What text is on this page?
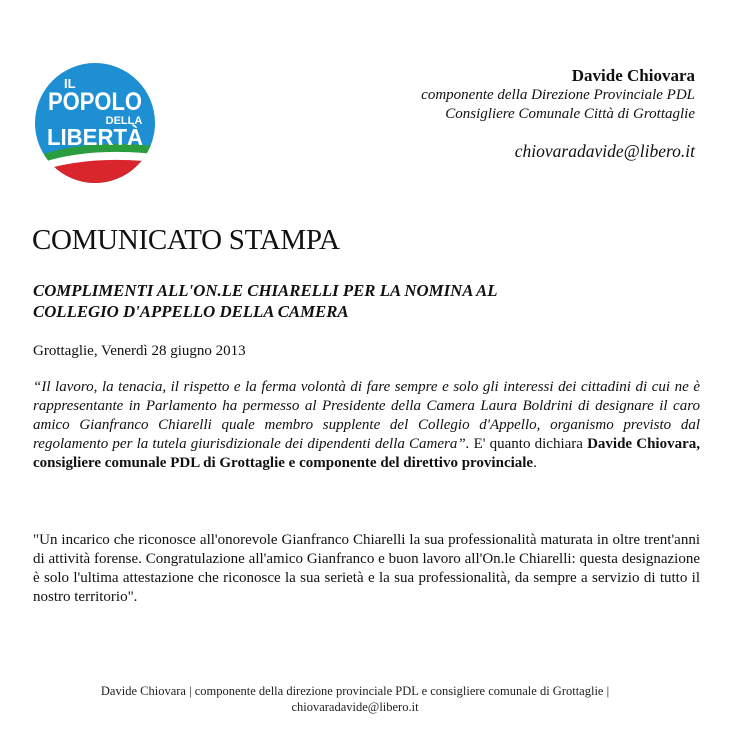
IL
POPOLO
DELLA
LIBERTÀ
Davide Chiovara
componente della Direzione Provinciale PDL
Consigliere Comunale Città di Grottaglie
chiovaradavide@libero.it
COMUNICATO STAMPA
COMPLIMENTI ALL'ON.LE CHIARELLI PER LA NOMINA AL
COLLEGIO D'APPELLO DELLA CAMERA
Grottaglie, Venerdì 28 giugno 2013
“Il lavoro, la tenacia, il rispetto e la ferma volontà di fare sempre e solo gli interessi dei cittadini di cui ne è rappresentante in Parlamento ha permesso al Presidente della Camera Laura Boldrini di designare il caro amico Gianfranco Chiarelli quale membro supplente del Collegio d'Appello, organismo previsto dal regolamento per la tutela giurisdizionale dei dipendenti della Camera”. E' quanto dichiara Davide Chiovara, consigliere comunale PDL di Grottaglie e componente del direttivo provinciale.
"Un incarico che riconosce all'onorevole Gianfranco Chiarelli la sua professionalità maturata in oltre trent'anni di attività forense. Congratulazione all'amico Gianfranco e buon lavoro all'On.le Chiarelli: questa designazione è solo l'ultima attestazione che riconosce la sua serietà e la sua professionalità, da sempre a servizio di tutto il nostro territorio".
Davide Chiovara | componente della direzione provinciale PDL e consigliere comunale di Grottaglie |
chiovaradavide@libero.it
